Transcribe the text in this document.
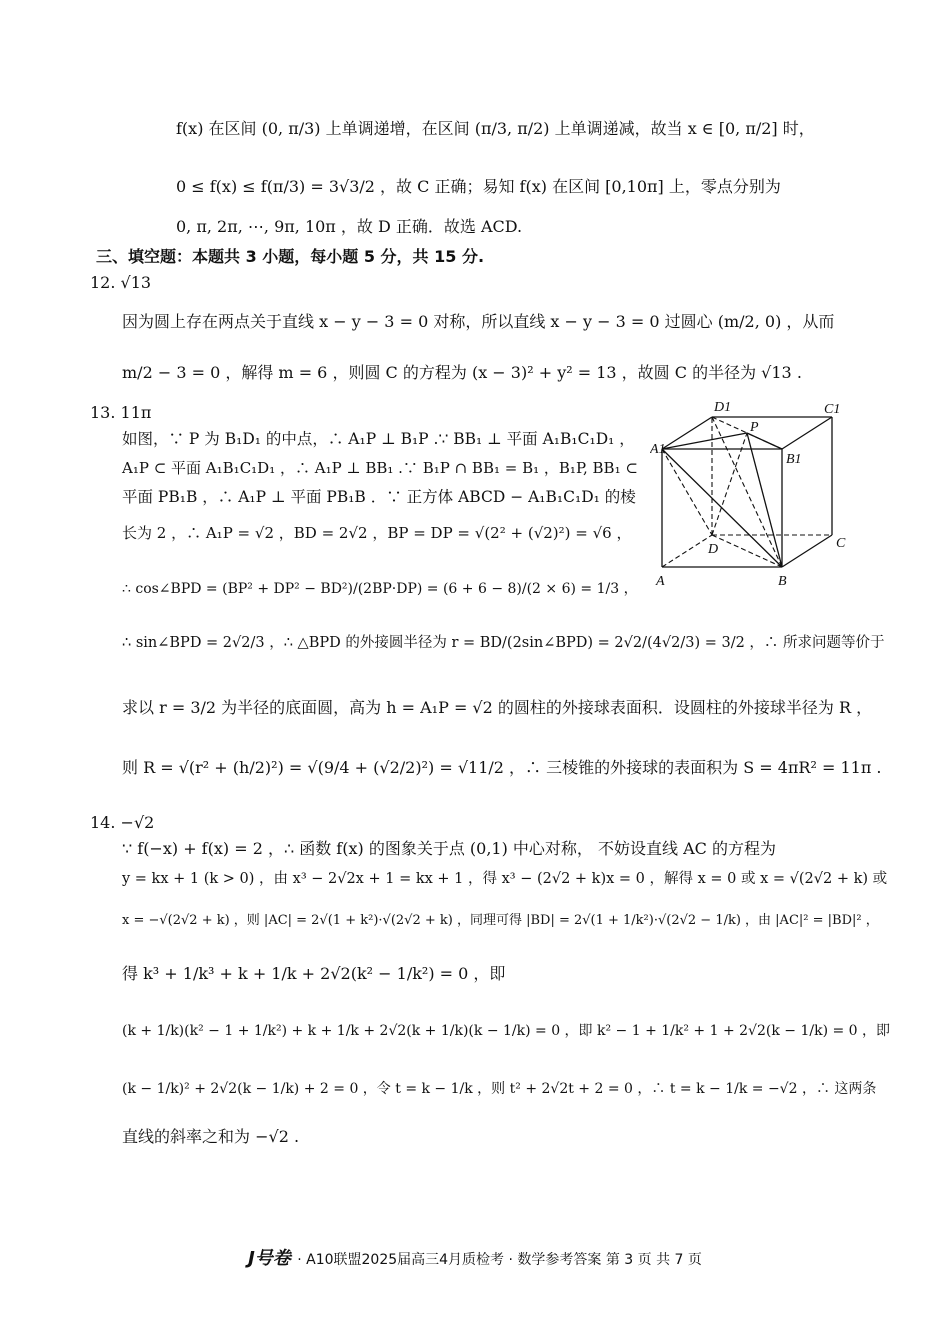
f(x) 在区间 (0, π/3) 上单调递增，在区间 (π/3, π/2) 上单调递减，故当 x ∈ [0, π/2] 时，
0 ≤ f(x) ≤ f(π/3) = 3√3/2 ，故 C 正确；易知 f(x) 在区间 [0,10π] 上，零点分别为
0, π, 2π, ⋯, 9π, 10π ，故 D 正确．故选 ACD.
三、填空题：本题共 3 小题，每小题 5 分，共 15 分.
12. √13
因为圆上存在两点关于直线 x − y − 3 = 0 对称，所以直线 x − y − 3 = 0 过圆心 (m/2, 0) ，从而
m/2 − 3 = 0 ，解得 m = 6 ，则圆 C 的方程为 (x − 3)² + y² = 13 ，故圆 C 的半径为 √13 .
13. 11π
如图，∵ P 为 B₁D₁ 的中点，∴ A₁P ⊥ B₁P .∵ BB₁ ⊥ 平面 A₁B₁C₁D₁ ，
A₁P ⊂ 平面 A₁B₁C₁D₁ ，∴ A₁P ⊥ BB₁ .∵ B₁P ∩ BB₁ = B₁ ，B₁P, BB₁ ⊂
平面 PB₁B ，∴ A₁P ⊥ 平面 PB₁B ．∵ 正方体 ABCD − A₁B₁C₁D₁ 的棱
长为 2 ，∴ A₁P = √2 ，BD = 2√2 ，BP = DP = √(2² + (√2)²) = √6 ，
∴ cos∠BPD = (BP² + DP² − BD²)/(2BP·DP) = (6 + 6 − 8)/(2 × 6) = 1/3 ，
∴ sin∠BPD = 2√2/3 ，∴ △BPD 的外接圆半径为 r = BD/(2sin∠BPD) = 2√2/(4√2/3) = 3/2 ，∴ 所求问题等价于
求以 r = 3/2 为半径的底面圆，高为 h = A₁P = √2 的圆柱的外接球表面积．设圆柱的外接球半径为 R ，
则 R = √(r² + (h/2)²) = √(9/4 + (√2/2)²) = √11/2 ，∴ 三棱锥的外接球的表面积为 S = 4πR² = 11π .
14. −√2
∵ f(−x) + f(x) = 2 ，∴ 函数 f(x) 的图象关于点 (0,1) 中心对称， 不妨设直线 AC 的方程为
y = kx + 1 (k > 0) ，由 x³ − 2√2x + 1 = kx + 1 ，得 x³ − (2√2 + k)x = 0 ，解得 x = 0 或 x = √(2√2 + k) 或
x = −√(2√2 + k) ，则 |AC| = 2√(1 + k²)·√(2√2 + k) ，同理可得 |BD| = 2√(1 + 1/k²)·√(2√2 − 1/k) ，由 |AC|² = |BD|² ，
得 k³ + 1/k³ + k + 1/k + 2√2(k² − 1/k²) = 0 ，即
(k + 1/k)(k² − 1 + 1/k²) + k + 1/k + 2√2(k + 1/k)(k − 1/k) = 0 ，即 k² − 1 + 1/k² + 1 + 2√2(k − 1/k) = 0 ，即
(k − 1/k)² + 2√2(k − 1/k) + 2 = 0 ，令 t = k − 1/k ，则 t² + 2√2t + 2 = 0 ，∴ t = k − 1/k = −√2 ，∴ 这两条
直线的斜率之和为 −√2 .
A	B
C
D
A1
B1
C1
D1
P
J号卷 · A10联盟2025届高三4月质检考 · 数学参考答案 第 3 页 共 7 页
